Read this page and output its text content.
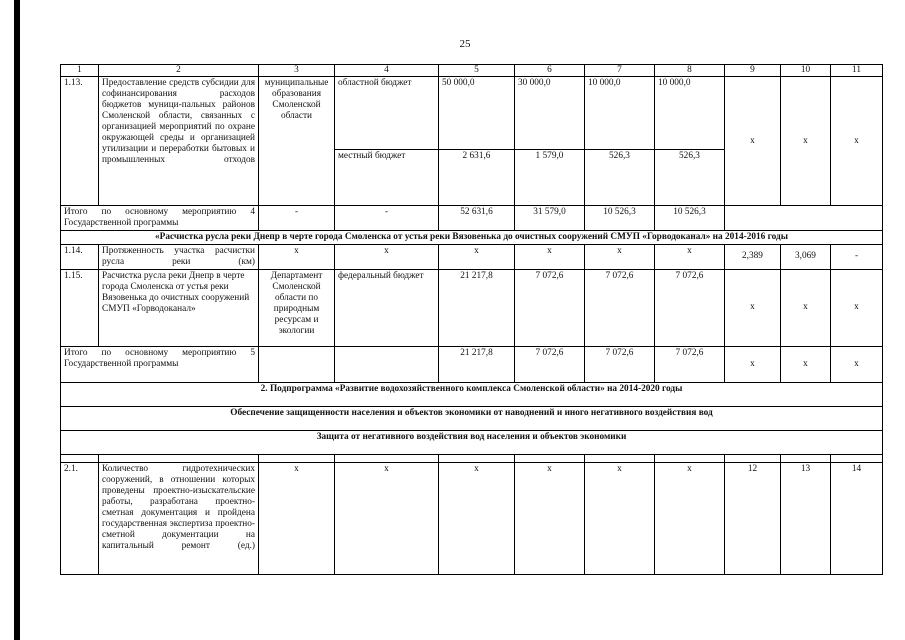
25
1	2	3	4	5	6	7	8	9	10	11
1.13.	Предоставление средств субсидии для софинансирования расходов бюджетов муници-пальных районов Смоленской области, связанных с организацией мероприятий по охране окружающей среды и организацией утилизации и переработки бытовых и промышленных отходов	муниципальные образования Смоленской области	областной бюджет	50 000,0	30 000,0	10 000,0	10 000,0	х	х	х
			местный бюджет	2 631,6	1 579,0	526,3	526,3			
Итого по основному мероприятию 4 Государственной программы		-	-	52 631,6	31 579,0	10 526,3	10 526,3			
«Расчистка русла реки Днепр в черте города Смоленска от устья реки Вязовенька до очистных сооружений СМУП «Горводоканал» на 2014-2016 годы										
1.14.	Протяженность участка расчистки русла реки (км)	х	х	х	х	х	х	2,389	3,069	-
1.15.	Расчистка русла реки Днепр в черте города Смоленска от устья реки Вязовенька до очистных сооружений СМУП «Горводоканал»	Департамент Смоленской области по природным ресурсам и экологии	федеральный бюджет	21 217,8	7 072,6	7 072,6	7 072,6	х	х	х
Итого по основному мероприятию 5 Государственной программы				21 217,8	7 072,6	7 072,6	7 072,6	х	х	х
2. Подпрограмма «Развитие водохозяйственного комплекса Смоленской области» на 2014-2020 годы										
Обеспечение защищенности населения и объектов экономики от наводнений и иного негативного воздействия вод										
Защита от негативного воздействия вод населения и объектов экономики										

2.1.	Количество гидротехнических сооружений, в отношении которых проведены проектно-изыскательские работы, разработана проектно-сметная документация и пройдена государственная экспертиза проектно-сметной документации на капитальный ремонт (ед.)	х	х	х	х	х	х	12	13	14
